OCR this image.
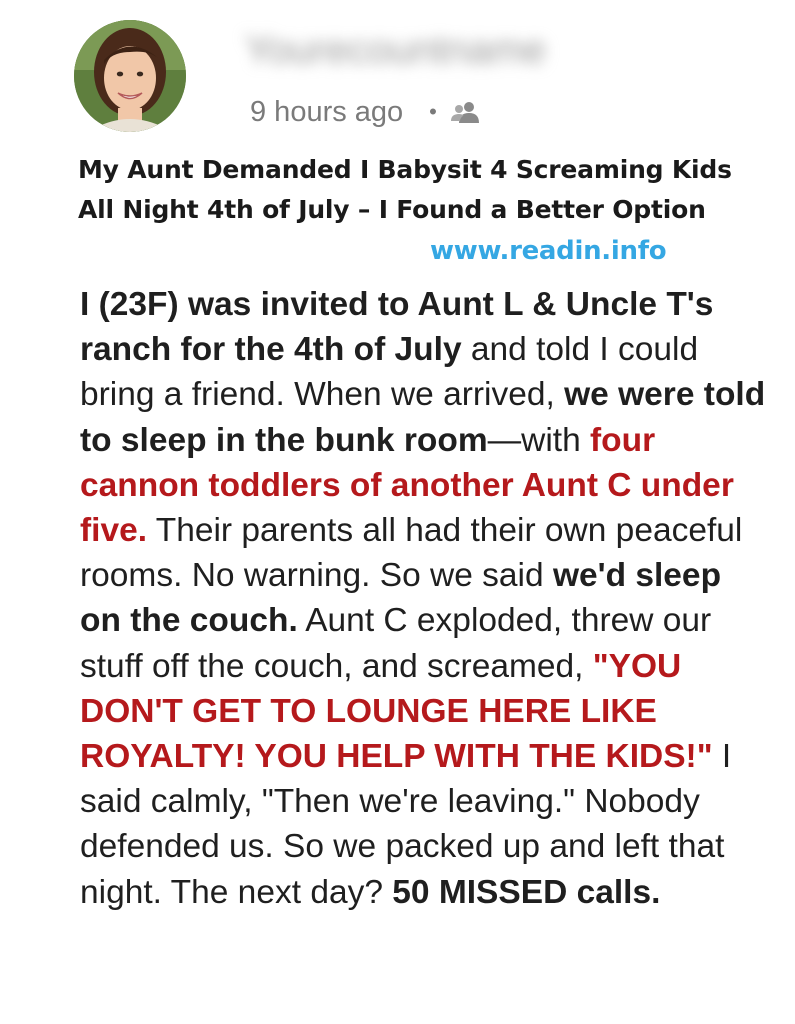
Yourecountname
9 hours ago •
My Aunt Demanded I Babysit 4 Screaming Kids All Night 4th of July – I Found a Better Option
www.readin.info

I (23F) was invited to Aunt L & Uncle T's ranch for the 4th of July and told I could bring a friend. When we arrived, we were told to sleep in the bunk room—with four cannon toddlers of another Aunt C under five. Their parents all had their own peaceful rooms. No warning. So we said we'd sleep on the couch. Aunt C exploded, threw our stuff off the couch, and screamed, "YOU DON'T GET TO LOUNGE HERE LIKE ROYALTY! YOU HELP WITH THE KIDS!" I said calmly, "Then we're leaving." Nobody defended us. So we packed up and left that night. The next day? 50 MISSED calls.
